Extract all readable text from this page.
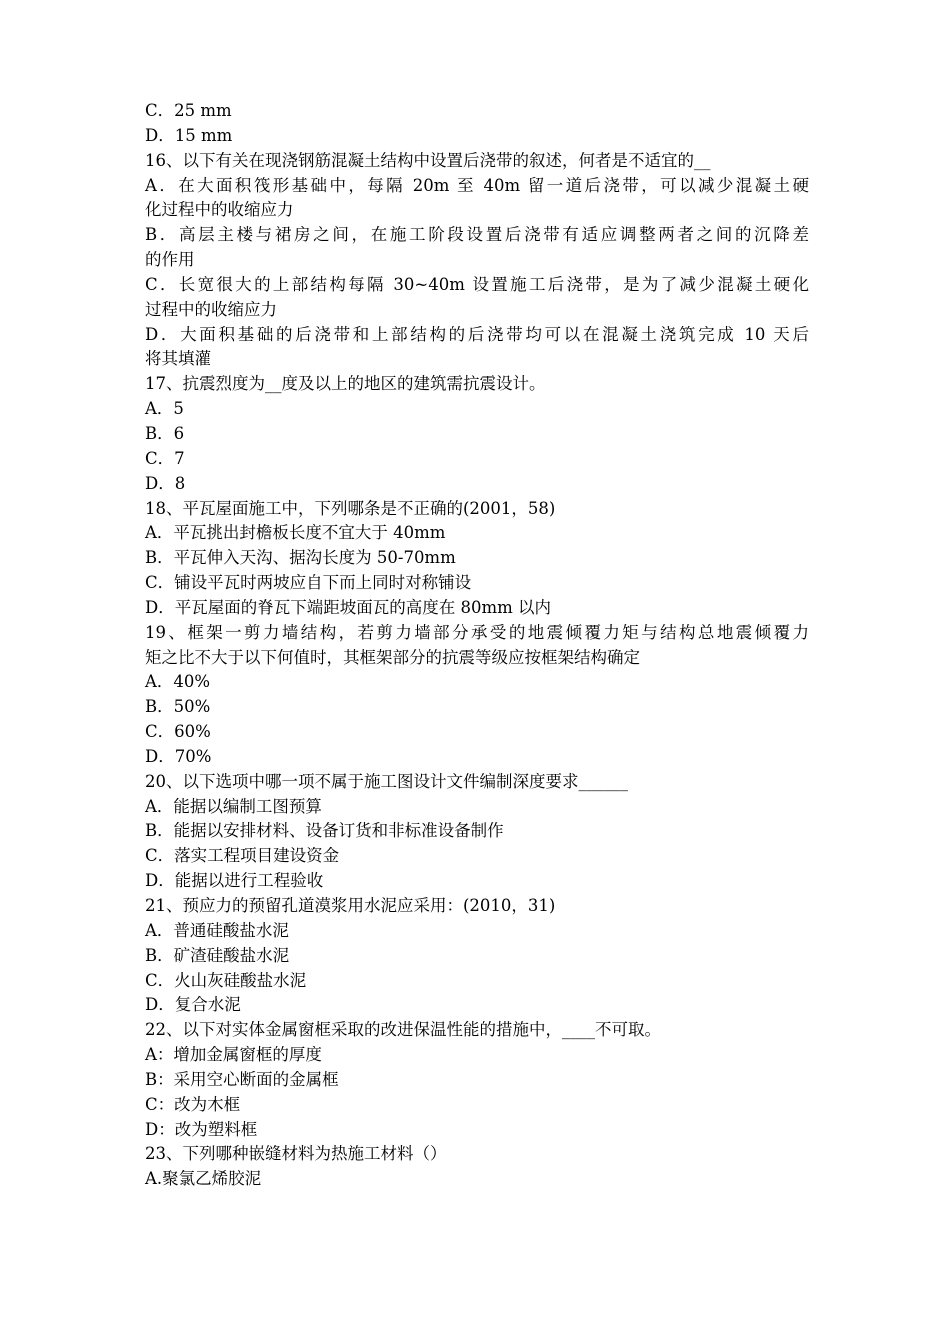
C．25 mm
D．15 mm
16、以下有关在现浇钢筋混凝土结构中设置后浇带的叙述，何者是不适宜的__
A．在大面积筏形基础中，每隔 20m 至 40m 留一道后浇带，可以减少混凝土硬
化过程中的收缩应力
B．高层主楼与裙房之间，在施工阶段设置后浇带有适应调整两者之间的沉降差
的作用
C．长宽很大的上部结构每隔 30~40m 设置施工后浇带，是为了减少混凝土硬化
过程中的收缩应力
D．大面积基础的后浇带和上部结构的后浇带均可以在混凝土浇筑完成 10 天后
将其填灌
17、抗震烈度为__度及以上的地区的建筑需抗震设计。
A．5
B．6
C．7
D．8
18、平瓦屋面施工中，下列哪条是不正确的(2001，58)
A．平瓦挑出封檐板长度不宜大于 40mm
B．平瓦伸入天沟、据沟长度为 50-70mm
C．铺设平瓦时两坡应自下而上同时对称铺设
D．平瓦屋面的脊瓦下端距坡面瓦的高度在 80mm 以内
19、框架一剪力墙结构，若剪力墙部分承受的地震倾覆力矩与结构总地震倾覆力
矩之比不大于以下何值时，其框架部分的抗震等级应按框架结构确定
A．40%
B．50%
C．60%
D．70%
20、以下选项中哪一项不属于施工图设计文件编制深度要求______
A．能据以编制工图预算
B．能据以安排材料、设备订货和非标准设备制作
C．落实工程项目建设资金
D．能据以进行工程验收
21、预应力的预留孔道漠浆用水泥应采用：(2010，31)
A．普通硅酸盐水泥
B．矿渣硅酸盐水泥
C．火山灰硅酸盐水泥
D．复合水泥
22、以下对实体金属窗框采取的改进保温性能的措施中，____不可取。
A：增加金属窗框的厚度
B：采用空心断面的金属框
C：改为木框
D：改为塑料框
23、下列哪种嵌缝材料为热施工材料（）
A.聚氯乙烯胶泥
